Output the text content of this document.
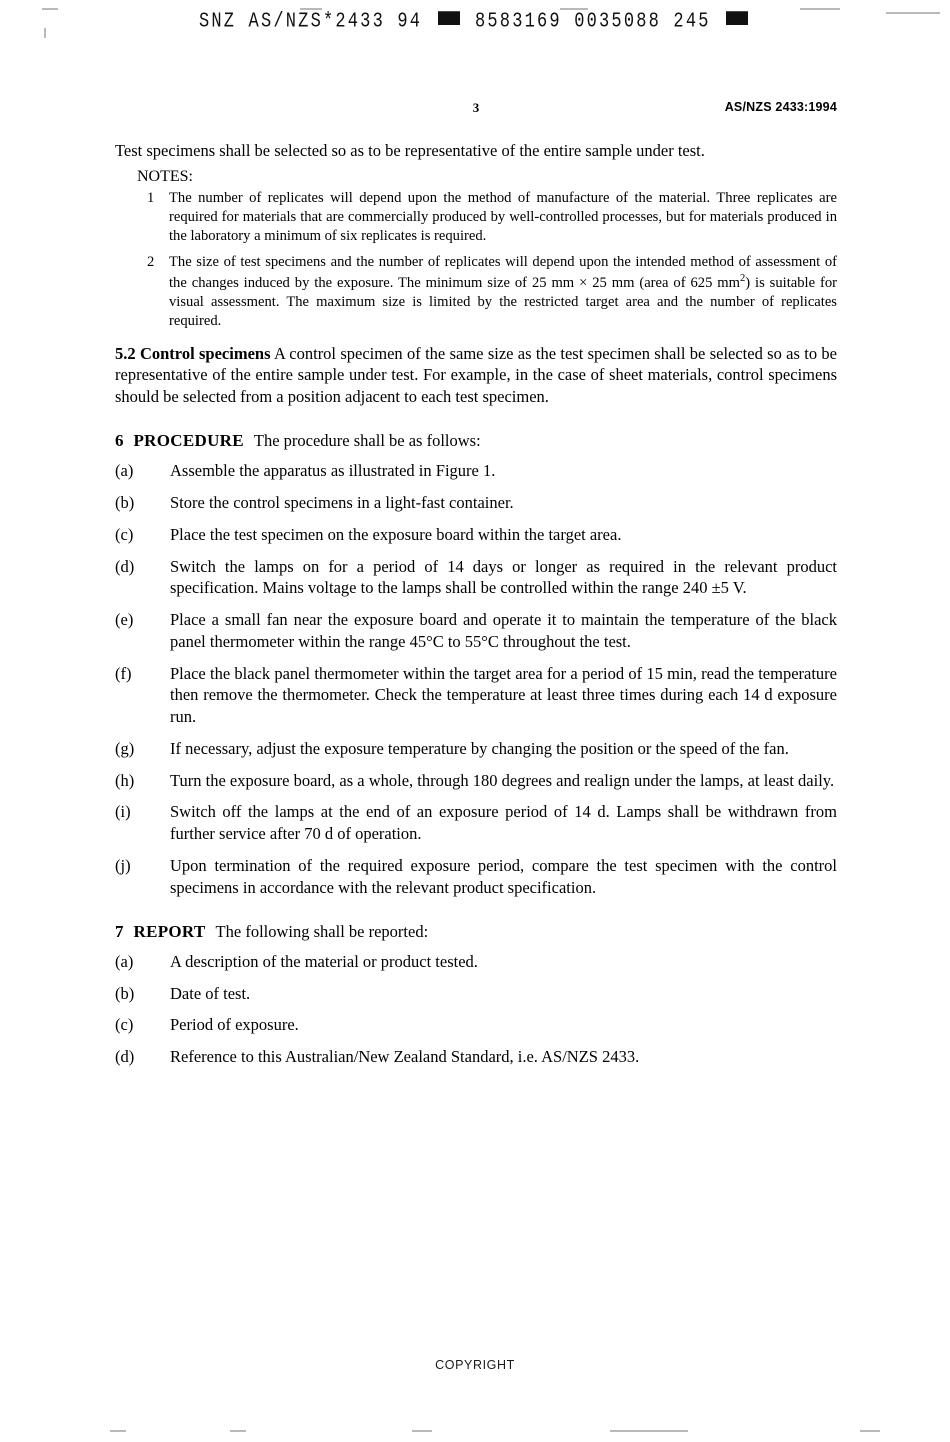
SNZ AS/NZS*2433 94	8583169 0035088 245
3	AS/NZS 2433:1994

Test specimens shall be selected so as to be representative of the entire sample under test.

NOTES:
1 The number of replicates will depend upon the method of manufacture of the material. Three replicates are required for materials that are commercially produced by well-controlled processes, but for materials produced in the laboratory a minimum of six replicates is required.
2 The size of test specimens and the number of replicates will depend upon the intended method of assessment of the changes induced by the exposure. The minimum size of 25 mm × 25 mm (area of 625 $mm^2$) is suitable for visual assessment. The maximum size is limited by the restricted target area and the number of replicates required.

5.2 Control specimens A control specimen of the same size as the test specimen shall be selected so as to be representative of the entire sample under test. For example, in the case of sheet materials, control specimens should be selected from a position adjacent to each test specimen.

6 PROCEDURE The procedure shall be as follows:

(a)	Assemble the apparatus as illustrated in Figure 1.
(b)	Store the control specimens in a light-fast container.
(c)	Place the test specimen on the exposure board within the target area.
(d)	Switch the lamps on for a period of 14 days or longer as required in the relevant product specification. Mains voltage to the lamps shall be controlled within the range 240 ±5 V.
(e)	Place a small fan near the exposure board and operate it to maintain the temperature of the black panel thermometer within the range 45°C to 55°C throughout the test.
(f)	Place the black panel thermometer within the target area for a period of 15 min, read the temperature then remove the thermometer. Check the temperature at least three times during each 14 d exposure run.
(g)	If necessary, adjust the exposure temperature by changing the position or the speed of the fan.
(h)	Turn the exposure board, as a whole, through 180 degrees and realign under the lamps, at least daily.
(i)	Switch off the lamps at the end of an exposure period of 14 d. Lamps shall be withdrawn from further service after 70 d of operation.
(j)	Upon termination of the required exposure period, compare the test specimen with the control specimens in accordance with the relevant product specification.

7 REPORT The following shall be reported:

(a)	A description of the material or product tested.
(b)	Date of test.
(c)	Period of exposure.
(d)	Reference to this Australian/New Zealand Standard, i.e. AS/NZS 2433.
COPYRIGHT
